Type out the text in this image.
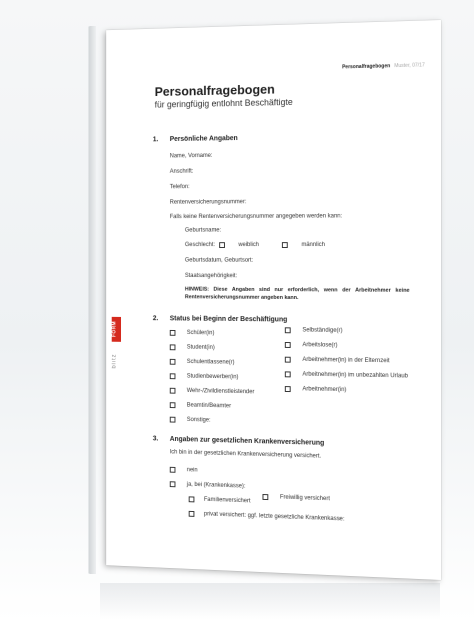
Personalfragebogen Muster, 07/17
Personalfragebogen
für geringfügig entlohnt Beschäftigte
FORM
blitz
1. Persönliche Angaben
Name, Vorname:
Anschrift:
Telefon:
Rentenversicherungsnummer:
Falls keine Rentenversicherungsnummer angegeben werden kann:
Geburtsname:
Geschlecht:	weiblich	männlich
Geburtsdatum, Geburtsort:
Staatsangehörigkeit:
HINWEIS: Diese Angaben sind nur erforderlich, wenn der Arbeitnehmer keine Rentenversicherungsnummer angeben kann.
2. Status bei Beginn der Beschäftigung
Schüler(in)
Student(in)
Schulentlassene(r)
Studienbewerber(in)
Wehr-/Zivildienstleistender
Beamtin/Beamter
Sonstige:
Selbständige(r)
Arbeitslose(r)
Arbeitnehmer(in) in der Elternzeit
Arbeitnehmer(in) im unbezahlten Urlaub
Arbeitnehmer(in)
3. Angaben zur gesetzlichen Krankenversicherung
Ich bin in der gesetzlichen Krankenversicherung versichert.
nein
ja, bei (Krankenkasse):
Familienversichert	Freiwillig versichert
privat versichert: ggf. letzte gesetzliche Krankenkasse:
